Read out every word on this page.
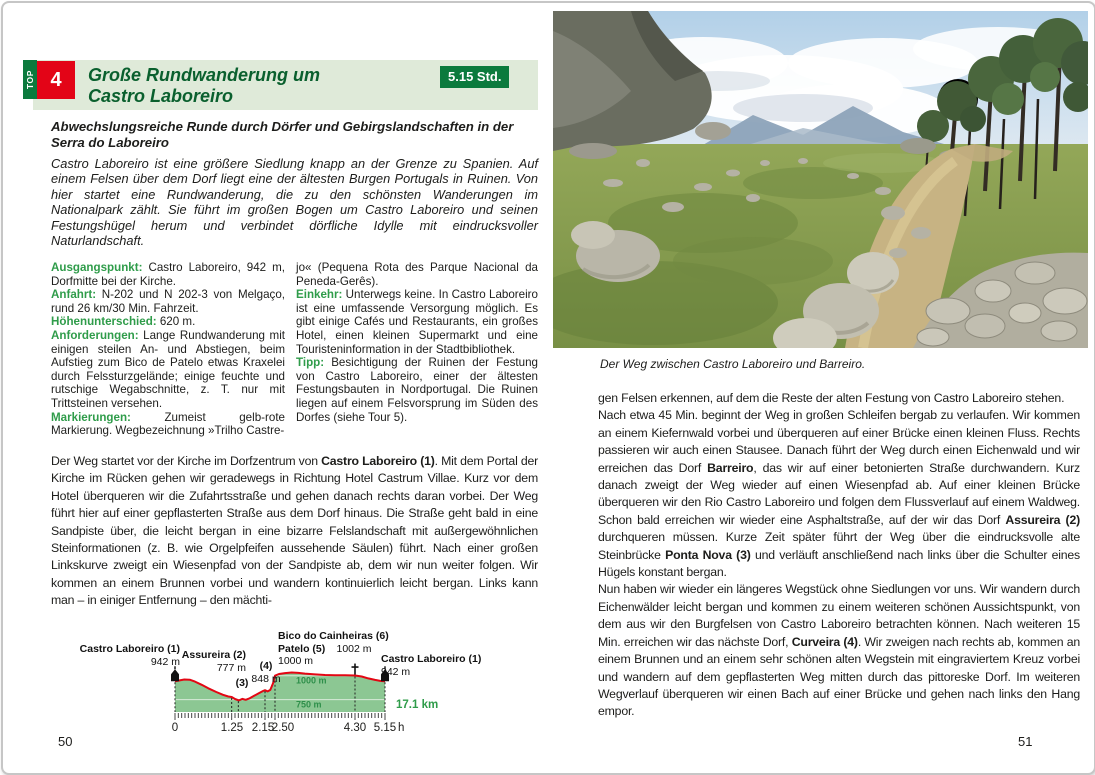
TOP 4	Große Rundwanderung um
Castro Laboreiro
5.15 Std.
Abwechslungsreiche Runde durch Dörfer und Gebirgslandschaften in der Serra do Laboreiro
Castro Laboreiro ist eine größere Siedlung knapp an der Grenze zu Spanien. Auf einem Felsen über dem Dorf liegt eine der ältesten Burgen Portugals in Ruinen. Von hier startet eine Rundwanderung, die zu den schönsten Wanderungen im Nationalpark zählt. Sie führt im großen Bogen um Castro Laboreiro und seinen Festungshügel herum und verbindet dörfliche Idylle mit eindrucksvoller Naturlandschaft.

Ausgangspunkt: Castro Laboreiro, 942 m, Dorfmitte bei der Kirche.

Anfahrt: N-202 und N 202-3 von Melgaço, rund 26 km/30 Min. Fahrzeit.

Höhenunterschied: 620 m.

Anforderungen: Lange Rundwanderung mit einigen steilen An- und Abstiegen, beim Aufstieg zum Bico de Patelo etwas Kraxelei durch Felssturzgelände; einige feuchte und rutschige Wegabschnitte, z. T. nur mit Trittsteinen versehen.

Markierungen: Zumeist gelb-rote Markierung. Wegbezeichnung »Trilho Castre-

jo« (Pequena Rota des Parque Nacional da Peneda-Gerês).

Einkehr: Unterwegs keine. In Castro Laboreiro ist eine umfassende Versorgung möglich. Es gibt einige Cafés und Restaurants, ein großes Hotel, einen kleinen Supermarkt und eine Touristeninformation in der Stadtbibliothek.

Tipp: Besichtigung der Ruinen der Festung von Castro Laboreiro, einer der ältesten Festungsbauten in Nordportugal. Die Ruinen liegen auf einem Felsvorsprung im Süden des Dorfes (siehe Tour 5).

Der Weg startet vor der Kirche im Dorfzentrum von Castro Laboreiro (1). Mit dem Portal der Kirche im Rücken gehen wir geradewegs in Richtung Hotel Castrum Villae. Kurz vor dem Hotel überqueren wir die Zufahrtsstraße und gehen danach rechts daran vorbei. Der Weg führt hier auf einer gepflasterten Straße aus dem Dorf hinaus. Die Straße geht bald in eine Sandpiste über, die leicht bergan in eine bizarre Felslandschaft mit außergewöhnlichen Steinformationen (z. B. wie Orgelpfeifen aussehende Säulen) führt. Nach einer großen Linkskurve zweigt ein Wiesenpfad von der Sandpiste ab, dem wir nun weiter folgen. Wir kommen an einem Brunnen vorbei und wandern kontinuierlich leicht bergan. Links kann man – in einiger Entfernung – den mächti-

1000 m
750 m
0	1.25 2.15
2.50	4.30 5.15 h
17.1 km
Castro Laboreiro (1)
942 m
Assureira (2)
777 m
(3)
(4)
848 m
Bico do
Patelo (5)
1000 m
Cainheiras (6)
1002 m
Castro Laboreiro (1)
942 m
50
Der Weg zwischen Castro Laboreiro und Barreiro.

gen Felsen erkennen, auf dem die Reste der alten Festung von Castro Laboreiro stehen.

Nach etwa 45 Min. beginnt der Weg in großen Schleifen bergab zu verlaufen. Wir kommen an einem Kiefernwald vorbei und überqueren auf einer Brücke einen kleinen Fluss. Rechts passieren wir auch einen Stausee. Danach führt der Weg durch einen Eichenwald und wir erreichen das Dorf Barreiro, das wir auf einer betonierten Straße durchwandern. Kurz danach zweigt der Weg wieder auf einen Wiesenpfad ab. Auf einer kleinen Brücke überqueren wir den Rio Castro Laboreiro und folgen dem Flussverlauf auf einem Waldweg. Schon bald erreichen wir wieder eine Asphaltstraße, auf der wir das Dorf Assureira (2) durchqueren müssen. Kurze Zeit später führt der Weg über die eindrucksvolle alte Steinbrücke Ponta Nova (3) und verläuft anschließend nach links über die Schulter eines Hügels konstant bergan.

Nun haben wir wieder ein längeres Wegstück ohne Siedlungen vor uns. Wir wandern durch Eichenwälder leicht bergan und kommen zu einem weiteren schönen Aussichtspunkt, von dem aus wir den Burgfelsen von Castro Laboreiro betrachten können. Nach weiteren 15 Min. erreichen wir das nächste Dorf, Curveira (4). Wir zweigen nach rechts ab, kommen an einem Brunnen und an einem sehr schönen alten Wegstein mit eingraviertem Kreuz vorbei und wandern auf dem gepflasterten Weg mitten durch das pittoreske Dorf. Im weiteren Wegverlauf überqueren wir einen Bach auf einer Brücke und gehen nach links den Hang empor.

51
